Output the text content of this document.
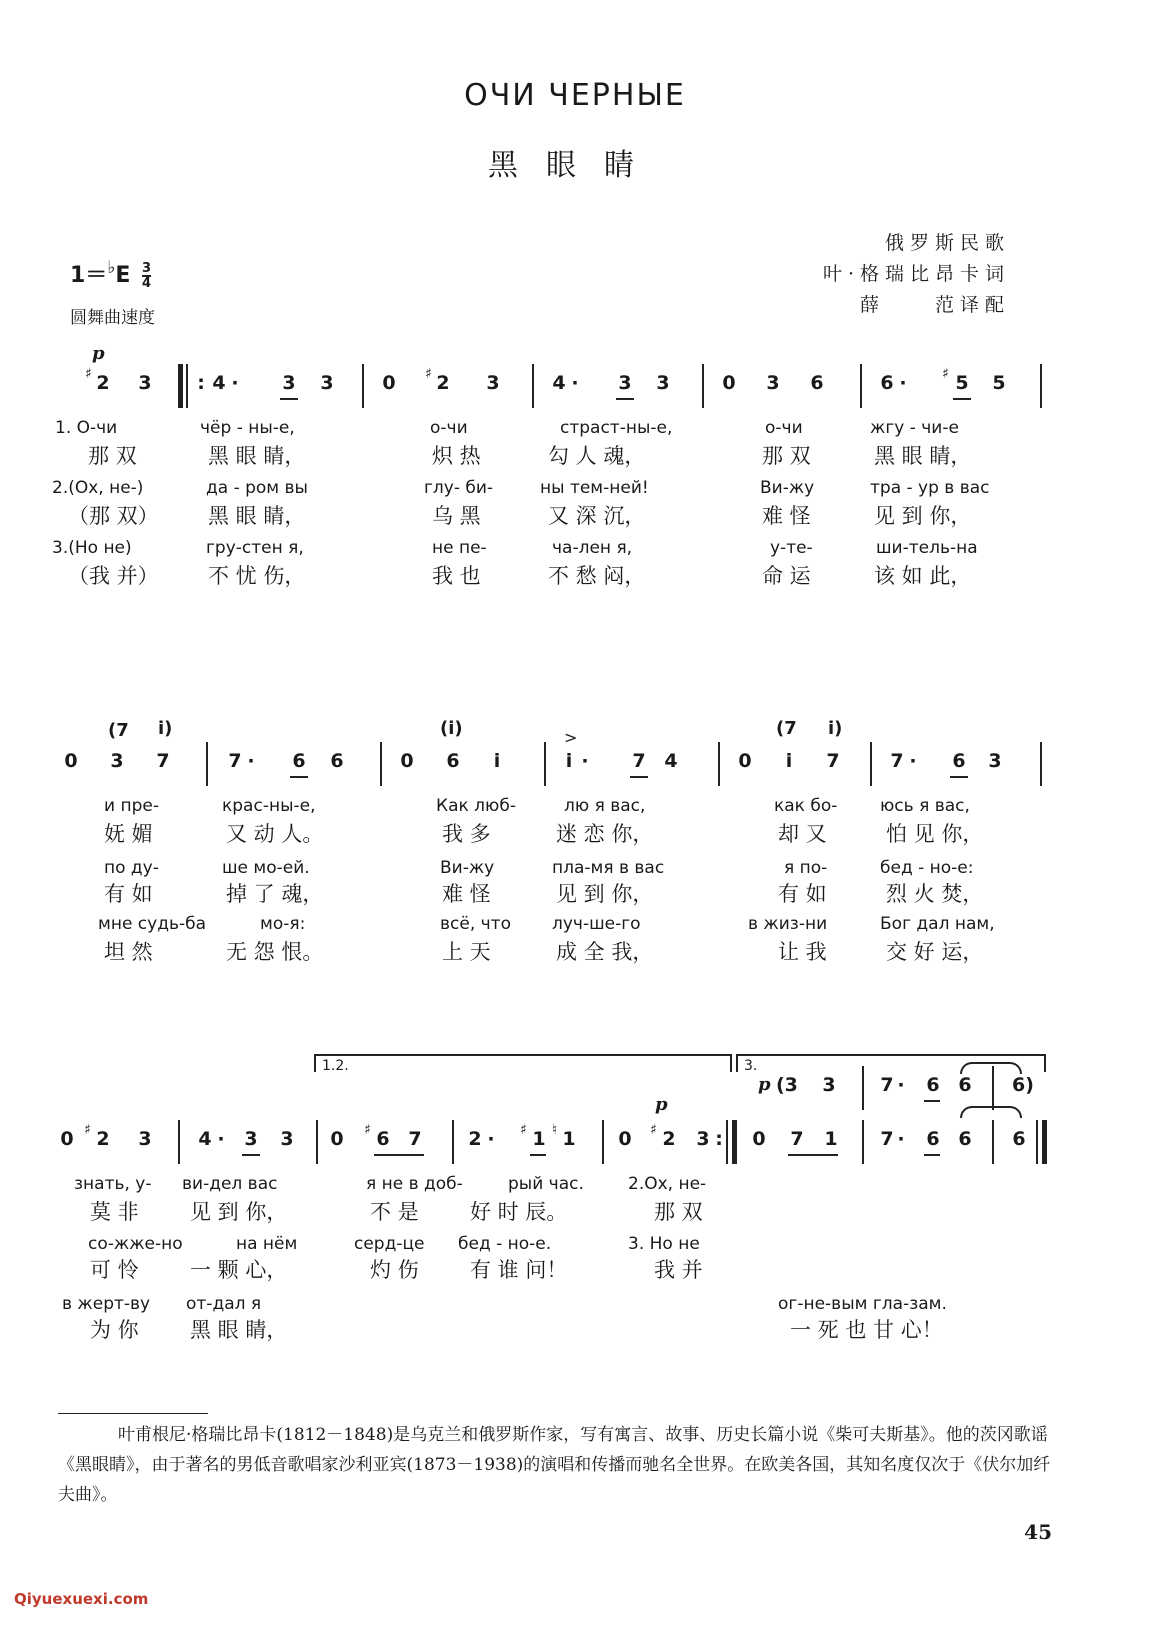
ОЧИ ЧЕРНЫЕ
黑眼睛
俄罗斯民歌
叶·格瑞比昂卡词
薛　　范译配
$1=^♭E \frac{3}{4}$
圆舞曲速度
p
♯ 2 3 : 4 · 3 3	0 ♯ 2 3	4 · 3 3	0 3 6	6 ·	♯ 5 5
1. О-чи	чёр - ны-е,	о-чи	страст-ны-е,	о-чи	жгу - чи-е
那 双	黑 眼 睛，	炽 热	勾 人 魂，	那 双	黑 眼 睛，
2.(Ох, не-)	да - ром вы	глу- би-	ны тем-ней!	Ви-жу	тра - ур в вас
（那 双） 黑 眼 睛，	乌 黑	又 深 沉，	难 怪	见 到 你，
3.(Но не)	гру-стен я,	не пе-	ча-лен я,	у-те-	ши-тель-на
（我 并） 不 忧 伤，	我 也	不 愁 闷，	命 运	该 如 此，
(7 i)	(i)	(7 i)
>
0 3 7	7 · 6 6	0 6 i	i · 7 4	0 i 7	7 · 6 3
и пре-	крас-ны-е,	Как люб-	лю я вас,	как бо-	юсь я вас,
妩 媚	又 动 人。	我 多	迷 恋 你，	却 又	怕 见 你，
по ду-	ше мо-ей.	Ви-жу	пла-мя в вас	я по-	бед - но-е:
有 如	掉 了 魂，	难 怪	见 到 你，	有 如	烈 火 焚，
мне судь-ба	мо-я:	всё, что луч-ше-го	в жиз-ни	Бог дал нам,
坦 然	无 怨 恨。	上 天	成 全 我，	让 我	交 好 运，
1.2.	3.
p (3 3 7 · 6 6 6)
p
0 ♯ 2 3 4 · 3 3 0 ♯ 6 7 2 · ♯ 1 ♮ 1 0 ♯ 2 3 : 0 7 1 7 · 6 6 6
знать, у- ви-дел вас	я не в доб-	рый час.	2.Ох, не-
莫 非 见 到 你，	不 是 好 时 辰。	那 双
со-жже-но	на нём	серд-це бед - но-е.	3. Но не
可 怜 一 颗 心，	灼 伤 有 谁 问！	我 并
в жерт-ву от-дал я	ог-не-вым гла-зам.
为 你 黑 眼 睛，	一 死 也 甘 心！
叶甫根尼·格瑞比昂卡(1812－1848)是乌克兰和俄罗斯作家，写有寓言、故事、历史长篇小说《柴可夫斯基》。他的茨冈歌谣《黑眼睛》，由于著名的男低音歌唱家沙利亚宾(1873－1938)的演唱和传播而驰名全世界。在欧美各国，其知名度仅次于《伏尔加纤夫曲》。
45
Qiyuexuexi.com
